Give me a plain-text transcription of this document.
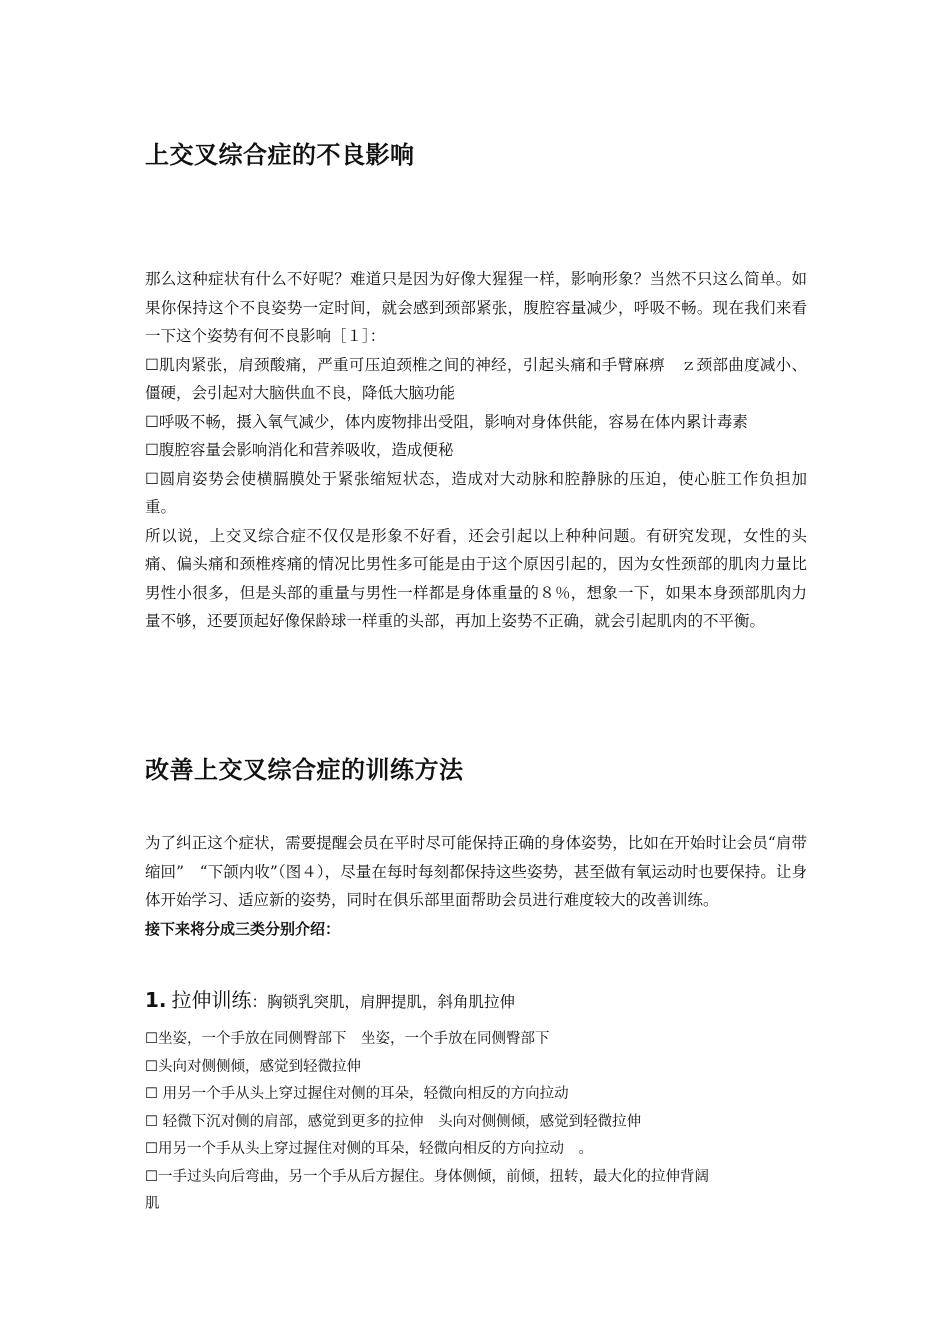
上交叉综合症的不良影响

那么这种症状有什么不好呢？难道只是因为好像大猩猩一样，影响形象？当然不只这么简单。如果你保持这个不良姿势一定时间，就会感到颈部紧张，腹腔容量减少，呼吸不畅。现在我们来看一下这个姿势有何不良影响［１］：

☐ 肌肉紧张，肩颈酸痛，严重可压迫颈椎之间的神经，引起头痛和手臂麻痹　ｚ颈部曲度减小、僵硬，会引起对大脑供血不良，降低大脑功能

☐ 呼吸不畅，摄入氧气减少，体内废物排出受阻，影响对身体供能，容易在体内累计毒素

☐ 腹腔容量会影响消化和营养吸收，造成便秘

☐ 圆肩姿势会使横膈膜处于紧张缩短状态，造成对大动脉和腔静脉的压迫，使心脏工作负担加重。

所以说，上交叉综合症不仅仅是形象不好看，还会引起以上种种问题。有研究发现，女性的头痛、偏头痛和颈椎疼痛的情况比男性多可能是由于这个原因引起的，因为女性颈部的肌肉力量比男性小很多，但是头部的重量与男性一样都是身体重量的８％，想象一下，如果本身颈部肌肉力量不够，还要顶起好像保龄球一样重的头部，再加上姿势不正确，就会引起肌肉的不平衡。

改善上交叉综合症的训练方法

为了纠正这个症状，需要提醒会员在平时尽可能保持正确的身体姿势，比如在开始时让会员“肩带缩回”　“下颌内收”（图４），尽量在每时每刻都保持这些姿势，甚至做有氧运动时也要保持。让身体开始学习、适应新的姿势，同时在俱乐部里面帮助会员进行难度较大的改善训练。

接下来将分成三类分别介绍：

1. 拉伸训练：胸锁乳突肌，肩胛提肌，斜角肌拉伸

☐ 坐姿，一个手放在同侧臀部下　坐姿，一个手放在同侧臀部下

☐ 头向对侧侧倾，感觉到轻微拉伸

☐ 用另一个手从头上穿过握住对侧的耳朵，轻微向相反的方向拉动

☐ 轻微下沉对侧的肩部，感觉到更多的拉伸　头向对侧侧倾，感觉到轻微拉伸

☐ 用另一个手从头上穿过握住对侧的耳朵，轻微向相反的方向拉动　。

☐ 一手过头向后弯曲，另一个手从后方握住。身体侧倾，前倾，扭转，最大化的拉伸背阔肌
